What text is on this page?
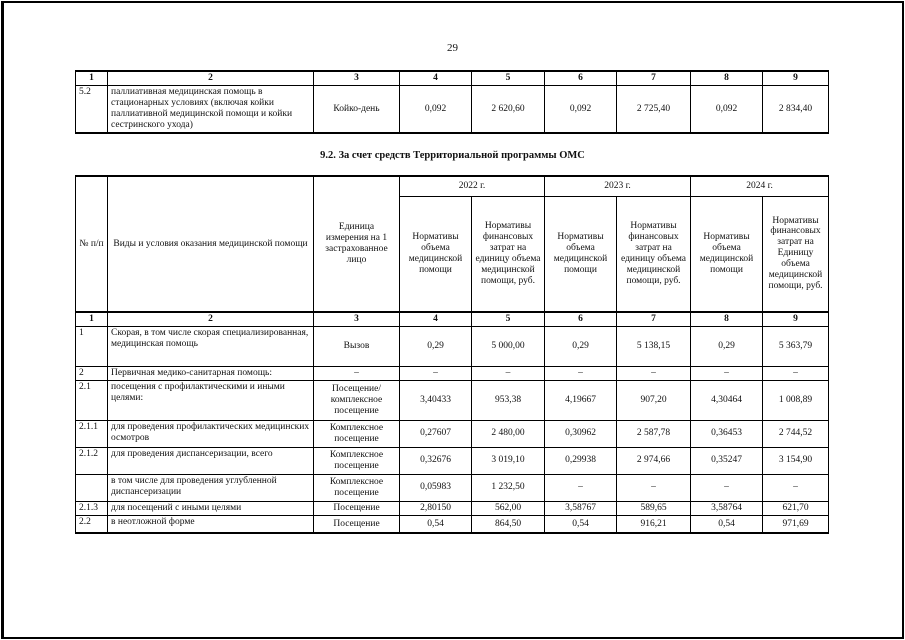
29
1	2	3	4	5	6	7	8	9
5.2	паллиативная медицинская помощь в стационарных условиях (включая койки паллиативной медицинской помощи и койки сестринского ухода)	Койко-день	0,092	2 620,60	0,092	2 725,40	0,092	2 834,40
9.2. За счет средств Территориальной программы ОМС
№ п/п	Виды и условия оказания медицинской помощи	Единица измерения на 1 застрахованное лицо	2022 г.		2023 г.		2024 г.	
			Нормативы объема медицинской помощи	Нормативы финансовых затрат на единицу объема медицинской помощи, руб.	Нормативы объема медицинской помощи	Нормативы финансовых затрат на единицу объема медицинской помощи, руб.	Нормативы объема медицинской помощи	Нормативы финансовых затрат на Единицу объема медицинской помощи, руб.
1	2	3	4	5	6	7	8	9
1	Скорая, в том числе скорая специализированная, медицинская помощь	Вызов	0,29	5 000,00	0,29	5 138,15	0,29	5 363,79
2	Первичная медико-санитарная помощь:	–	–	–	–	–	–	–
2.1	посещения с профилактическими и иными целями:	Посещение/ комплексное посещение	3,40433	953,38	4,19667	907,20	4,30464	1 008,89
2.1.1	для проведения профилактических медицинских осмотров	Комплексное посещение	0,27607	2 480,00	0,30962	2 587,78	0,36453	2 744,52
2.1.2	для проведения диспансеризации, всего	Комплексное посещение	0,32676	3 019,10	0,29938	2 974,66	0,35247	3 154,90
	в том числе для проведения углубленной диспансеризации	Комплексное посещение	0,05983	1 232,50	–	–	–	–
2.1.3	для посещений с иными целями	Посещение	2,80150	562,00	3,58767	589,65	3,58764	621,70
2.2	в неотложной форме	Посещение	0,54	864,50	0,54	916,21	0,54	971,69
